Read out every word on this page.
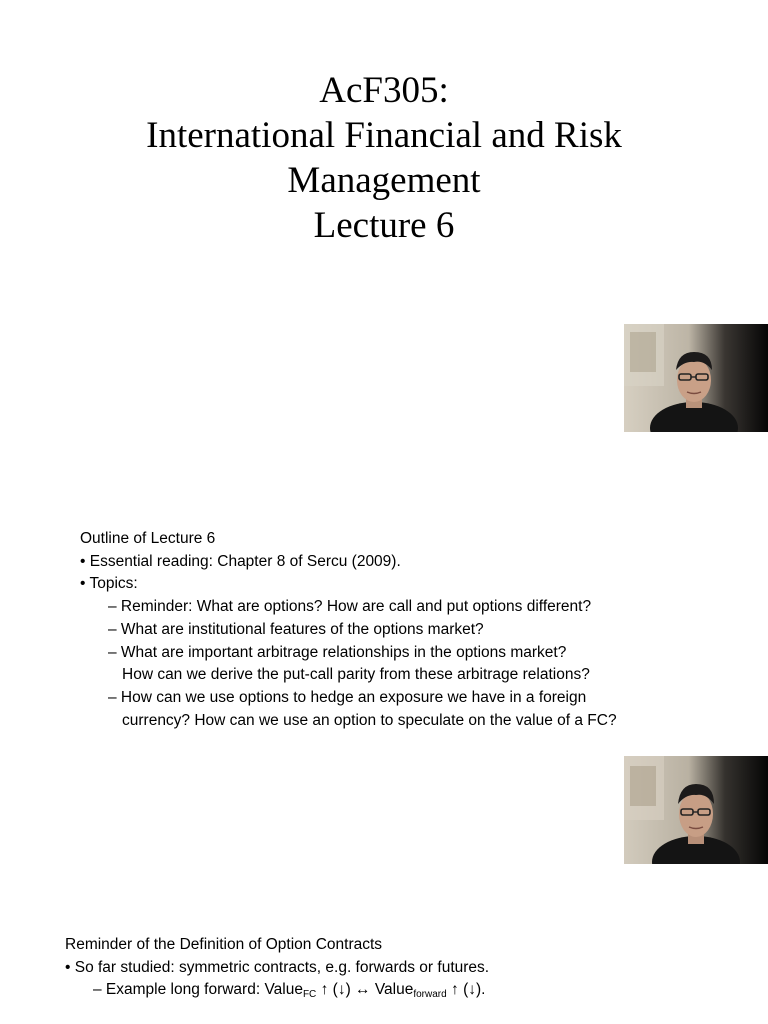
AcF305:
International Financial and Risk
Management
Lecture 6
Outline of Lecture 6
• Essential reading: Chapter 8 of Sercu (2009).
• Topics:
– Reminder: What are options? How are call and put options different?
– What are institutional features of the options market?
– What are important arbitrage relationships in the options market?
How can we derive the put-call parity from these arbitrage relations?
– How can we use options to hedge an exposure we have in a foreign
currency? How can we use an option to speculate on the value of a FC?
Reminder of the Definition of Option Contracts
• So far studied: symmetric contracts, e.g. forwards or futures.
– Example long forward: Value$_{FC}$ ↑ (↓) ↔ Value$_{forward}$ ↑ (↓).
